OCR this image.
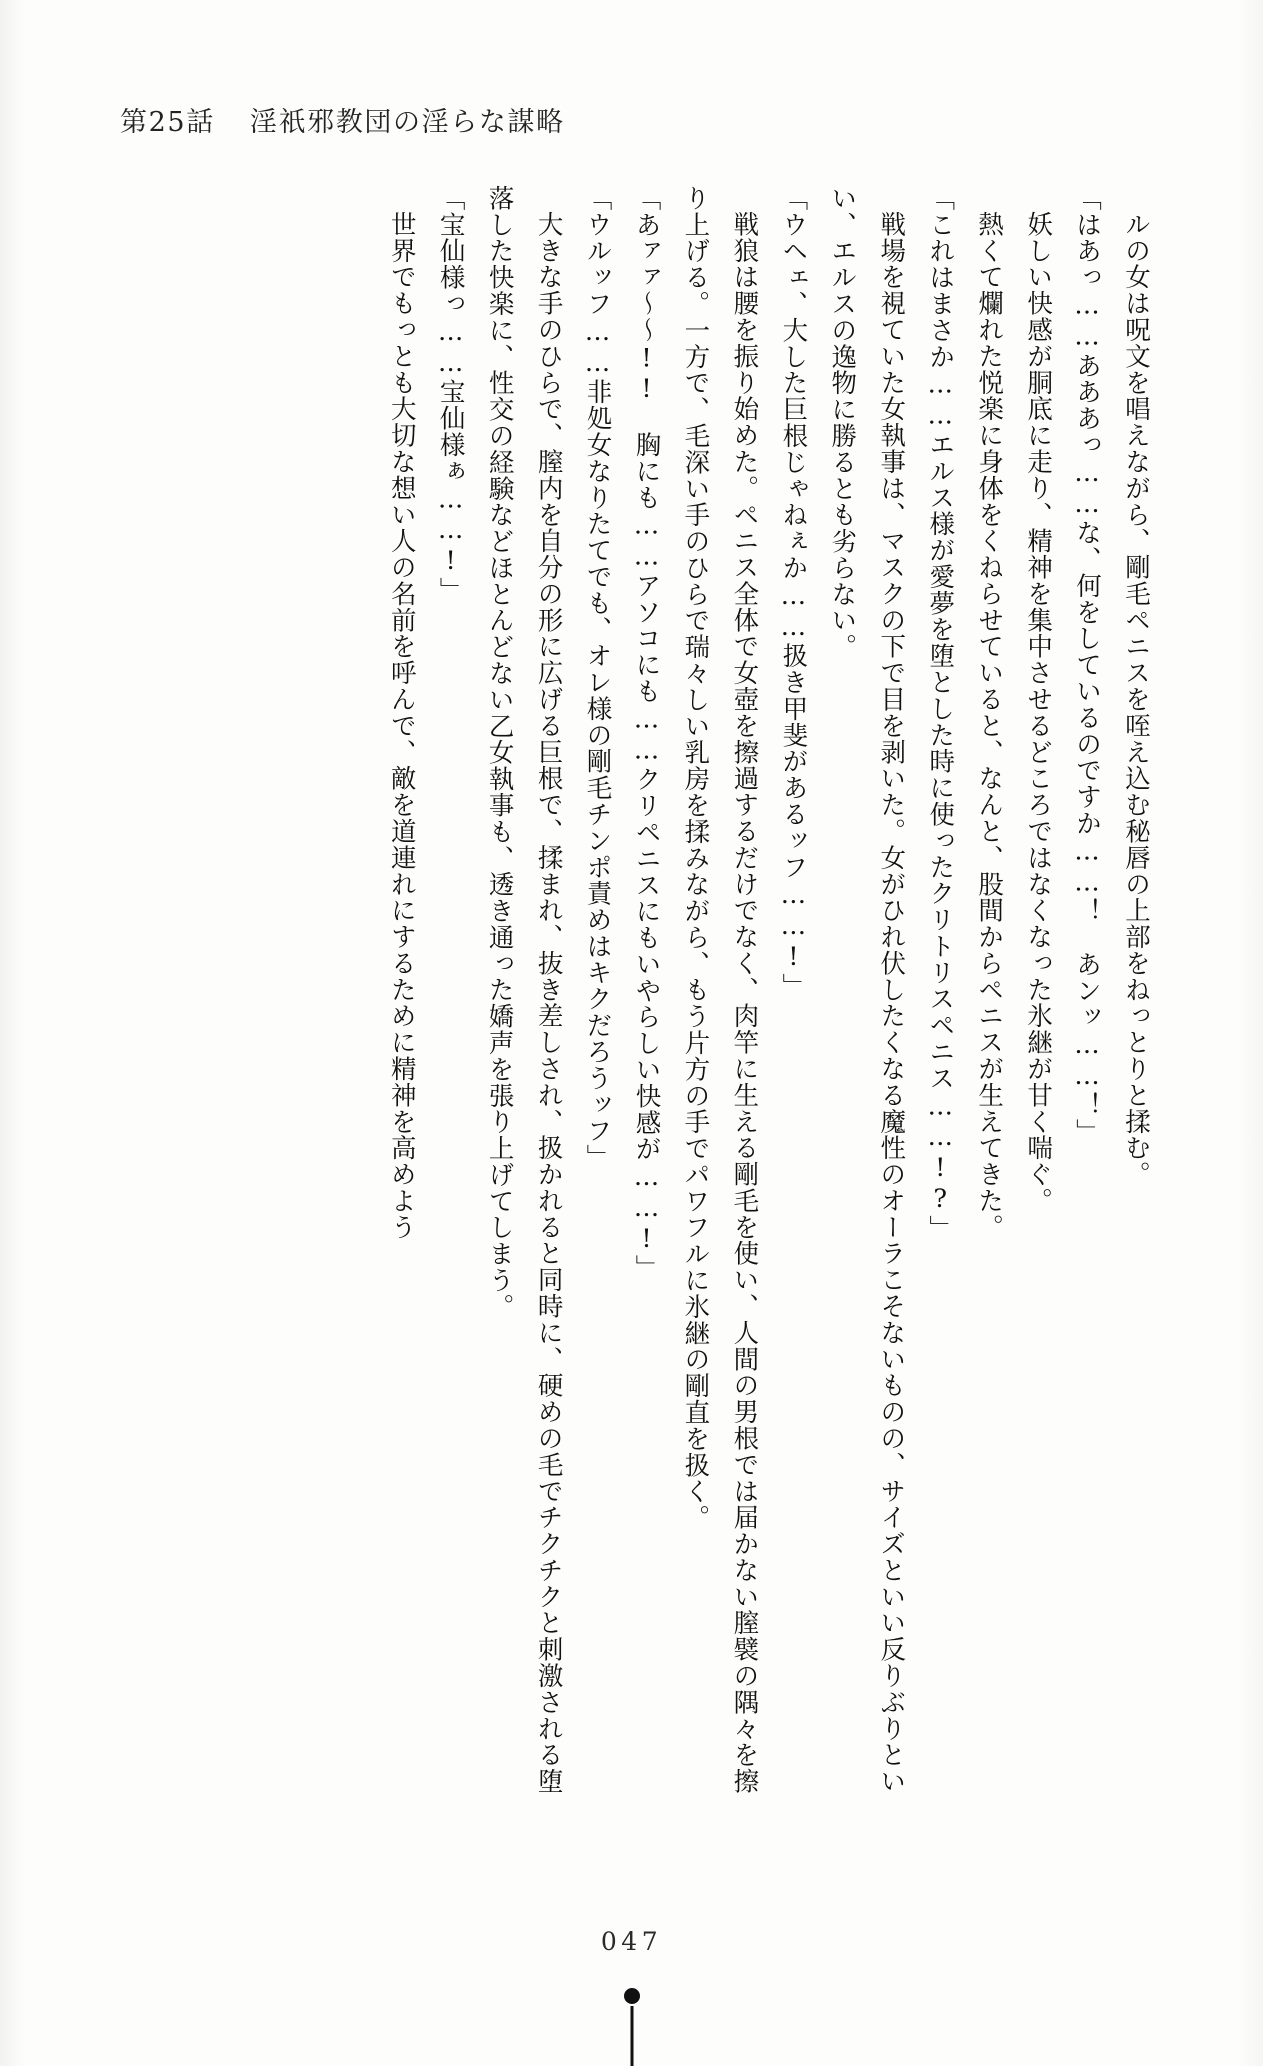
第25話 淫祇邪教団の淫らな謀略
ルの女は呪文を唱えながら、剛毛ペニスを咥え込む秘唇の上部をねっとりと揉む。
「はあっ……あああっ……な、何をしているのですか……！　あンッ……！」
妖しい快感が胴底に走り、精神を集中させるどころではなくなった氷継が甘く喘ぐ。
熱くて爛れた悦楽に身体をくねらせていると、なんと、股間からペニスが生えてきた。
「これはまさか……エルス様が愛夢を堕とした時に使ったクリトリスペニス……!?」
戦場を視ていた女執事は、マスクの下で目を剥いた。女がひれ伏したくなる魔性のオーラこそないものの、サイズといい反りぶりといい、エルスの逸物に勝るとも劣らない。
「ウヘェ、大した巨根じゃねぇか……扱き甲斐があるッフ……!」
戦狼は腰を振り始めた。ペニス全体で女壺を擦過するだけでなく、肉竿に生える剛毛を使い、人間の男根では届かない膣襞の隅々を擦り上げる。一方で、毛深い手のひらで瑞々しい乳房を揉みながら、もう片方の手でパワフルに氷継の剛直を扱く。
「あァァ～～!!　胸にも……アソコにも……クリペニスにもいやらしい快感が……!」
「ウルッフ……非処女なりたてでも、オレ様の剛毛チンポ責めはキクだろうッフ」
大きな手のひらで、膣内を自分の形に広げる巨根で、揉まれ、抜き差しされ、扱かれると同時に、硬めの毛でチクチクと刺激される堕落した快楽に、性交の経験などほとんどない乙女執事も、透き通った嬌声を張り上げてしまう。
「宝仙様っ……宝仙様ぁ……!」
世界でもっとも大切な想い人の名前を呼んで、敵を道連れにするために精神を高めよう
047
